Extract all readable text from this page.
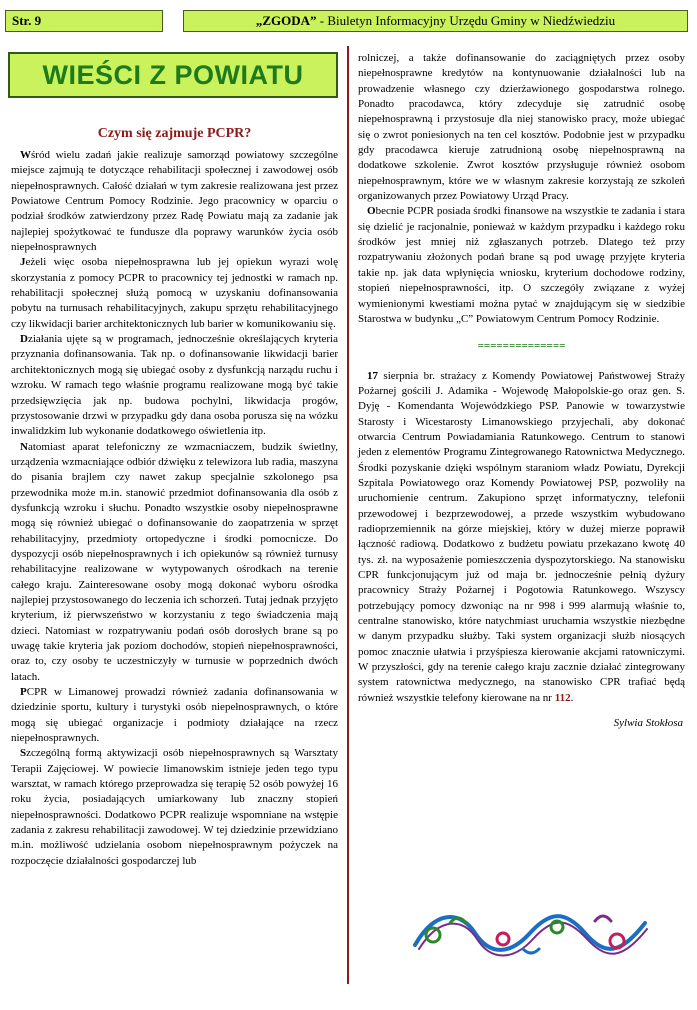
Str. 9	„ZGODA” - Biuletyn Informacyjny Urzędu Gminy w Niedźwiedziu
WIEŚCI Z POWIATU
Czym się zajmuje PCPR?

Wśród wielu zadań jakie realizuje samorząd powiatowy szczególne miejsce zajmują te dotyczące rehabilitacji społecznej i zawodowej osób niepełnosprawnych. Całość działań w tym zakresie realizowana jest przez Powiatowe Centrum Pomocy Rodzinie. Jego pracownicy w oparciu o podział środków zatwierdzony przez Radę Powiatu mają za zadanie jak najlepiej spożytkować te fundusze dla poprawy warunków życia osób niepełnosprawnych

Jeżeli więc osoba niepełnosprawna lub jej opiekun wyrazi wolę skorzystania z pomocy PCPR to pracownicy tej jednostki w ramach np. rehabilitacji społecznej służą pomocą w uzyskaniu dofinansowania pobytu na turnusach rehabilitacyjnych, zakupu sprzętu rehabilitacyjnego czy likwidacji barier architektonicznych lub barier w komunikowaniu się.

Działania ujęte są w programach, jednocześnie określających kryteria przyznania dofinansowania. Tak np. o dofinansowanie likwidacji barier architektonicznych mogą się ubiegać osoby z dysfunkcją narządu ruchu i wzroku. W ramach tego właśnie programu realizowane mogą być takie przedsięwzięcia jak np. budowa pochylni, likwidacja progów, przystosowanie drzwi w przypadku gdy dana osoba porusza się na wózku inwalidzkim lub wykonanie dodatkowego oświetlenia itp.

Natomiast aparat telefoniczny ze wzmacniaczem, budzik świetlny, urządzenia wzmacniające odbiór dźwięku z telewizora lub radia, maszyna do pisania brajlem czy nawet zakup specjalnie szkolonego psa przewodnika może m.in. stanowić przedmiot dofinansowania dla osób z dysfunkcją wzroku i słuchu. Ponadto wszystkie osoby niepełnosprawne mogą się również ubiegać o dofinansowanie do zaopatrzenia w sprzęt rehabilitacyjny, przedmioty ortopedyczne i środki pomocnicze. Do dyspozycji osób niepełnosprawnych i ich opiekunów są również turnusy rehabilitacyjne realizowane w wytypowanych ośrodkach na terenie całego kraju. Zainteresowane osoby mogą dokonać wyboru ośrodka najlepiej przystosowanego do leczenia ich schorzeń. Tutaj jednak przyjęto kryterium, iż pierwszeństwo w korzystaniu z tego świadczenia mają dzieci. Natomiast w rozpatrywaniu podań osób dorosłych brane są po uwagę takie kryteria jak poziom dochodów, stopień niepełnosprawności, oraz to, czy osoby te uczestniczyły w turnusie w poprzednich dwóch latach.

PCPR w Limanowej prowadzi również zadania dofinansowania w dziedzinie sportu, kultury i turystyki osób niepełnosprawnych, o które mogą się ubiegać organizacje i podmioty działające na rzecz niepełnosprawnych.

Szczególną formą aktywizacji osób niepełnosprawnych są Warsztaty Terapii Zajęciowej. W powiecie limanowskim istnieje jeden tego typu warsztat, w ramach którego przeprowadza się terapię 52 osób powyżej 16 roku życia, posiadających umiarkowany lub znaczny stopień niepełnosprawności. Dodatkowo PCPR realizuje wspomniane na wstępie zadania z zakresu rehabilitacji zawodowej. W tej dziedzinie przewidziano m.in. możliwość udzielania osobom niepełnosprawnym pożyczek na rozpoczęcie działalności gospodarczej lub

rolniczej, a także dofinansowanie do zaciągniętych przez osoby niepełnosprawne kredytów na kontynuowanie działalności lub na prowadzenie własnego czy dzierżawionego gospodarstwa rolnego. Ponadto pracodawca, który zdecyduje się zatrudnić osobę niepełnosprawną i przystosuje dla niej stanowisko pracy, może ubiegać się o zwrot poniesionych na ten cel kosztów. Podobnie jest w przypadku gdy pracodawca kieruje zatrudnioną osobę niepełnosprawną na dodatkowe szkolenie. Zwrot kosztów przysługuje również osobom niepełnosprawnym, które we w własnym zakresie korzystają ze szkoleń organizowanych przez Powiatowy Urząd Pracy.

Obecnie PCPR posiada środki finansowe na wszystkie te zadania i stara się dzielić je racjonalnie, ponieważ w każdym przypadku i każdego roku środków jest mniej niż zgłaszanych potrzeb. Dlatego też przy rozpatrywaniu złożonych podań brane są pod uwagę przyjęte kryteria takie np. jak data wpłynięcia wniosku, kryterium dochodowe rodziny, stopień niepełnosprawności, itp. O szczegóły związane z wyżej wymienionymi kwestiami można pytać w znajdującym się w siedzibie Starostwa w budynku „C” Powiatowym Centrum Pomocy Rodzinie.

==============

17 sierpnia br. strażacy z Komendy Powiatowej Państwowej Straży Pożarnej gościli J. Adamika - Wojewodę Małopolskie-go oraz gen. S. Dyję - Komendanta Wojewódzkiego PSP. Panowie w towarzystwie Starosty i Wicestarosty Limanowskiego przyjechali, aby dokonać otwarcia Centrum Powiadamiania Ratunkowego. Centrum to stanowi jeden z elementów Programu Zintegrowanego Ratownictwa Medycznego. Środki pozyskanie dzięki wspólnym staraniom władz Powiatu, Dyrekcji Szpitala Powiatowego oraz Komendy Powiatowej PSP, pozwoliły na uruchomienie centrum. Zakupiono sprzęt informatyczny, telefonii przewodowej i bezprzewodowej, a przede wszystkim wybudowano radioprzemiennik na górze miejskiej, który w dużej mierze poprawił łączność radiową. Dodatkowo z budżetu powiatu przekazano kwotę 40 tys. zł. na wyposażenie pomieszczenia dyspozytorskiego. Na stanowisku CPR funkcjonującym już od maja br. jednocześnie pełnią dyżury pracownicy Straży Pożarnej i Pogotowia Ratunkowego. Wszyscy potrzebujący pomocy dzwoniąc na nr 998 i 999 alarmują właśnie to, centralne stanowisko, które natychmiast uruchamia wszystkie niezbędne w danym przypadku służby. Taki system organizacji służb niosących pomoc znacznie ułatwia i przyśpiesza kierowanie akcjami ratowniczymi. W przyszłości, gdy na terenie całego kraju zacznie działać zintegrowany system ratownictwa medycznego, na stanowisko CPR trafiać będą również wszystkie telefony kierowane na nr 112.

Sylwia Stokłosa
